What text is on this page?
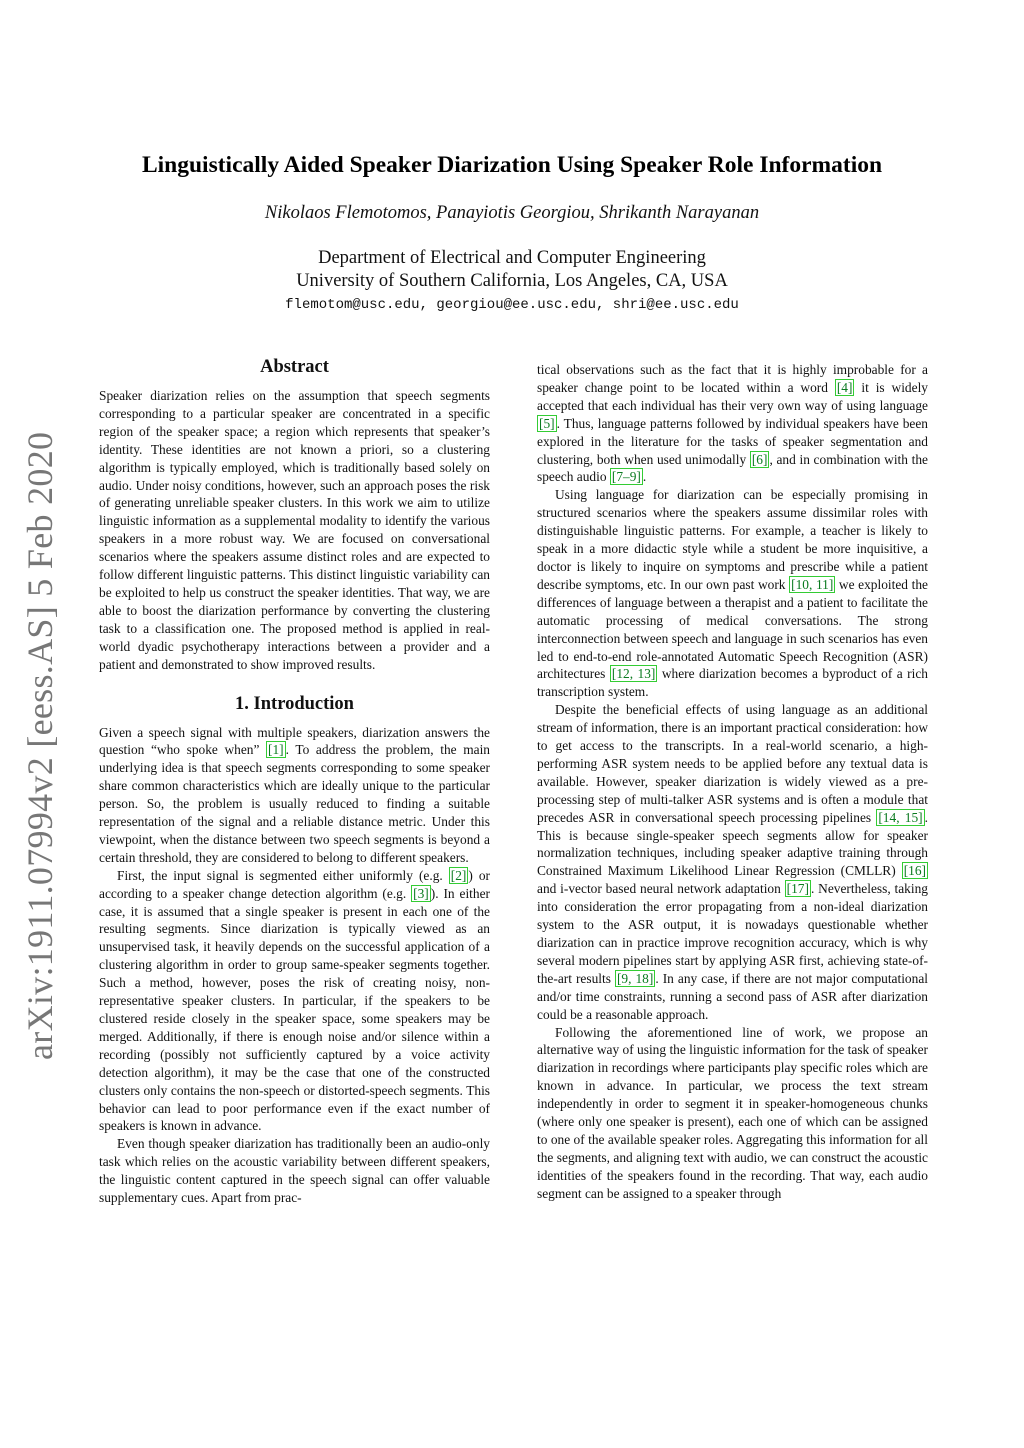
arXiv:1911.07994v2 [eess.AS] 5 Feb 2020
Linguistically Aided Speaker Diarization Using Speaker Role Information
Nikolaos Flemotomos, Panayiotis Georgiou, Shrikanth Narayanan
Department of Electrical and Computer Engineering
University of Southern California, Los Angeles, CA, USA
flemotom@usc.edu, georgiou@ee.usc.edu, shri@ee.usc.edu
Abstract

Speaker diarization relies on the assumption that speech segments corresponding to a particular speaker are concentrated in a specific region of the speaker space; a region which represents that speaker’s identity. These identities are not known a priori, so a clustering algorithm is typically employed, which is traditionally based solely on audio. Under noisy conditions, however, such an approach poses the risk of generating unreliable speaker clusters. In this work we aim to utilize linguistic information as a supplemental modality to identify the various speakers in a more robust way. We are focused on conversational scenarios where the speakers assume distinct roles and are expected to follow different linguistic patterns. This distinct linguistic variability can be exploited to help us construct the speaker identities. That way, we are able to boost the diarization performance by converting the clustering task to a classification one. The proposed method is applied in real-world dyadic psychotherapy interactions between a provider and a patient and demonstrated to show improved results.

1. Introduction

Given a speech signal with multiple speakers, diarization answers the question “who spoke when” [1] . To address the problem, the main underlying idea is that speech segments corresponding to some speaker share common characteristics which are ideally unique to the particular person. So, the problem is usually reduced to finding a suitable representation of the signal and a reliable distance metric. Under this viewpoint, when the distance between two speech segments is beyond a certain threshold, they are considered to belong to different speakers.

First, the input signal is segmented either uniformly (e.g. [2] ) or according to a speaker change detection algorithm (e.g. [3] ). In either case, it is assumed that a single speaker is present in each one of the resulting segments. Since diarization is typically viewed as an unsupervised task, it heavily depends on the successful application of a clustering algorithm in order to group same-speaker segments together. Such a method, however, poses the risk of creating noisy, non-representative speaker clusters. In particular, if the speakers to be clustered reside closely in the speaker space, some speakers may be merged. Additionally, if there is enough noise and/or silence within a recording (possibly not sufficiently captured by a voice activity detection algorithm), it may be the case that one of the constructed clusters only contains the non-speech or distorted-speech segments. This behavior can lead to poor performance even if the exact number of speakers is known in advance.

Even though speaker diarization has traditionally been an audio-only task which relies on the acoustic variability between different speakers, the linguistic content captured in the speech signal can offer valuable supplementary cues. Apart from prac-

tical observations such as the fact that it is highly improbable for a speaker change point to be located within a word [4] it is widely accepted that each individual has their very own way of using language [5] . Thus, language patterns followed by individual speakers have been explored in the literature for the tasks of speaker segmentation and clustering, both when used unimodally [6] , and in combination with the speech audio [7–9] .

Using language for diarization can be especially promising in structured scenarios where the speakers assume dissimilar roles with distinguishable linguistic patterns. For example, a teacher is likely to speak in a more didactic style while a student be more inquisitive, a doctor is likely to inquire on symptoms and prescribe while a patient describe symptoms, etc. In our own past work [10, 11] we exploited the differences of language between a therapist and a patient to facilitate the automatic processing of medical conversations. The strong interconnection between speech and language in such scenarios has even led to end-to-end role-annotated Automatic Speech Recognition (ASR) architectures [12, 13] where diarization becomes a byproduct of a rich transcription system.

Despite the beneficial effects of using language as an additional stream of information, there is an important practical consideration: how to get access to the transcripts. In a real-world scenario, a high-performing ASR system needs to be applied before any textual data is available. However, speaker diarization is widely viewed as a pre-processing step of multi-talker ASR systems and is often a module that precedes ASR in conversational speech processing pipelines [14, 15] . This is because single-speaker speech segments allow for speaker normalization techniques, including speaker adaptive training through Constrained Maximum Likelihood Linear Regression (CMLLR) [16] and i-vector based neural network adaptation [17] . Nevertheless, taking into consideration the error propagating from a non-ideal diarization system to the ASR output, it is nowadays questionable whether diarization can in practice improve recognition accuracy, which is why several modern pipelines start by applying ASR first, achieving state-of-the-art results [9, 18] . In any case, if there are not major computational and/or time constraints, running a second pass of ASR after diarization could be a reasonable approach.

Following the aforementioned line of work, we propose an alternative way of using the linguistic information for the task of speaker diarization in recordings where participants play specific roles which are known in advance. In particular, we process the text stream independently in order to segment it in speaker-homogeneous chunks (where only one speaker is present), each one of which can be assigned to one of the available speaker roles. Aggregating this information for all the segments, and aligning text with audio, we can construct the acoustic identities of the speakers found in the recording. That way, each audio segment can be assigned to a speaker through
